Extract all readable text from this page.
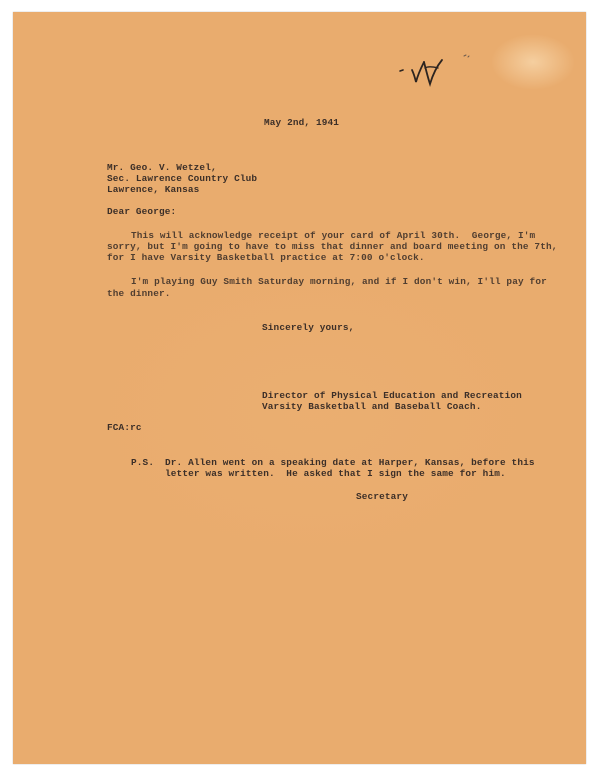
May 2nd, 1941
Mr. Geo. V. Wetzel,
Sec. Lawrence Country Club
Lawrence, Kansas
Dear George:
This will acknowledge receipt of your card of April 30th.  George, I'm
sorry, but I'm going to have to miss that dinner and board meeting on the 7th,
for I have Varsity Basketball practice at 7:00 o'clock.
I'm playing Guy Smith Saturday morning, and if I don't win, I'll pay for
the dinner.
Sincerely yours,
Director of Physical Education and Recreation
Varsity Basketball and Baseball Coach.
FCA:rc
P.S. Dr. Allen went on a speaking date at Harper, Kansas, before this
letter was written.  He asked that I sign the same for him.
Secretary
